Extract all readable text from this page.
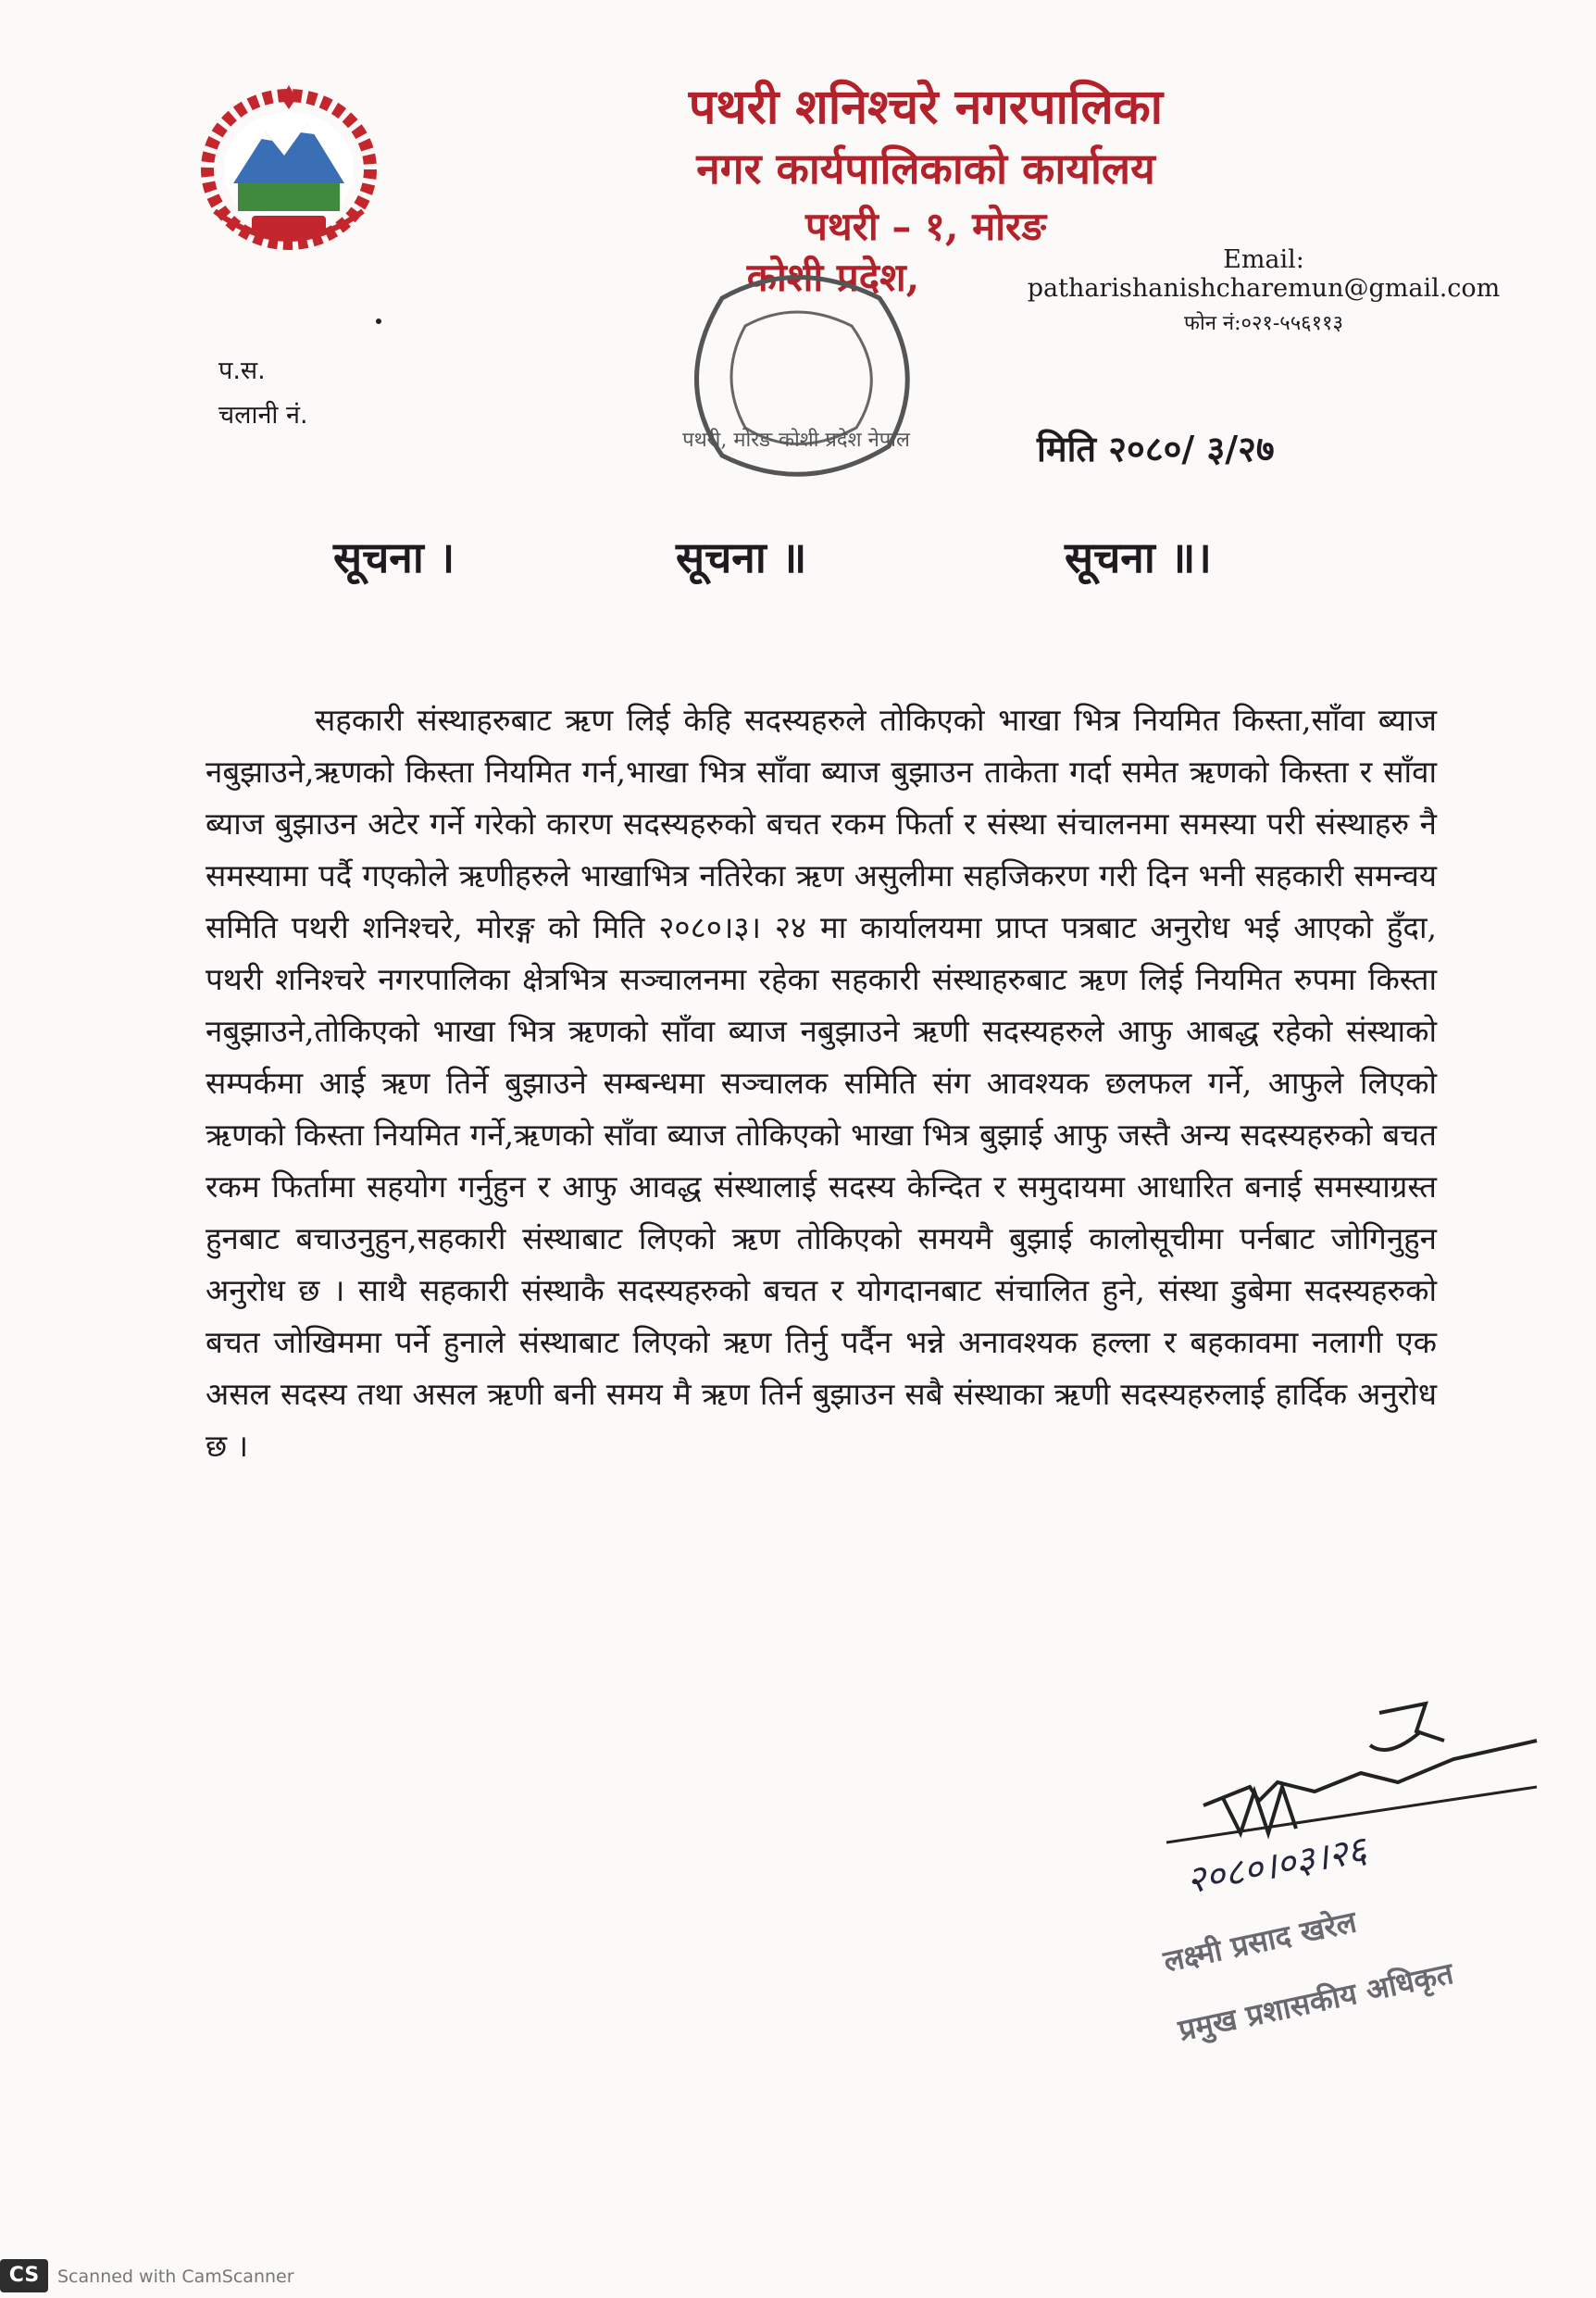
पथरी शनिश्चरे नगरपालिका
नगर कार्यपालिकाको कार्यालय
पथरी – १, मोरङ
कोशी प्रदेश,	Email: patharishanishcharemun@gmail.com
फोन नं:०२१-५५६११३
पथरी, मोरङ कोशी प्रदेश नेपाल
प.स.
चलानी नं.
मिति २०८०/ ३/२७
सूचना ।	सूचना ॥	सूचना ॥।
सहकारी संस्थाहरुबाट ऋण लिई केहि सदस्यहरुले तोकिएको भाखा भित्र नियमित किस्ता,साँवा ब्याज नबुझाउने,ऋणको किस्ता नियमित गर्न,भाखा भित्र साँवा ब्याज बुझाउन ताकेता गर्दा समेत ऋणको किस्ता र साँवा ब्याज बुझाउन अटेर गर्ने गरेको कारण सदस्यहरुको बचत रकम फिर्ता र संस्था संचालनमा समस्या परी संस्थाहरु नै समस्यामा पर्दै गएकोले ऋणीहरुले भाखाभित्र नतिरेका ऋण असुलीमा सहजिकरण गरी दिन भनी सहकारी समन्वय समिति पथरी शनिश्चरे, मोरङ्ग को मिति २०८०।३। २४ मा कार्यालयमा प्राप्त पत्रबाट अनुरोध भई आएको हुँदा, पथरी शनिश्चरे नगरपालिका क्षेत्रभित्र सञ्चालनमा रहेका सहकारी संस्थाहरुबाट ऋण लिई नियमित रुपमा किस्ता नबुझाउने,तोकिएको भाखा भित्र ऋणको साँवा ब्याज नबुझाउने ऋणी सदस्यहरुले आफु आबद्ध रहेको संस्थाको सम्पर्कमा आई ऋण तिर्ने बुझाउने सम्बन्धमा सञ्चालक समिति संग आवश्यक छलफल गर्ने, आफुले लिएको ऋणको किस्ता नियमित गर्ने,ऋणको साँवा ब्याज तोकिएको भाखा भित्र बुझाई आफु जस्तै अन्य सदस्यहरुको बचत रकम फिर्तामा सहयोग गर्नुहुन र आफु आवद्ध संस्थालाई सदस्य केन्दित र समुदायमा आधारित बनाई समस्याग्रस्त हुनबाट बचाउनुहुन,सहकारी संस्थाबाट लिएको ऋण तोकिएको समयमै बुझाई कालोसूचीमा पर्नबाट जोगिनुहुन अनुरोध छ । साथै सहकारी संस्थाकै सदस्यहरुको बचत र योगदानबाट संचालित हुने, संस्था डुबेमा सदस्यहरुको बचत जोखिममा पर्ने हुनाले संस्थाबाट लिएको ऋण तिर्नु पर्दैन भन्ने अनावश्यक हल्ला र बहकावमा नलागी एक असल सदस्य तथा असल ऋणी बनी समय मै ऋण तिर्न बुझाउन सबै संस्थाका ऋणी सदस्यहरुलाई हार्दिक अनुरोध छ ।
२०८०।०३।२६
लक्ष्मी प्रसाद खरेल
प्रमुख प्रशासकीय अधिकृत
CS	Scanned with CamScanner
